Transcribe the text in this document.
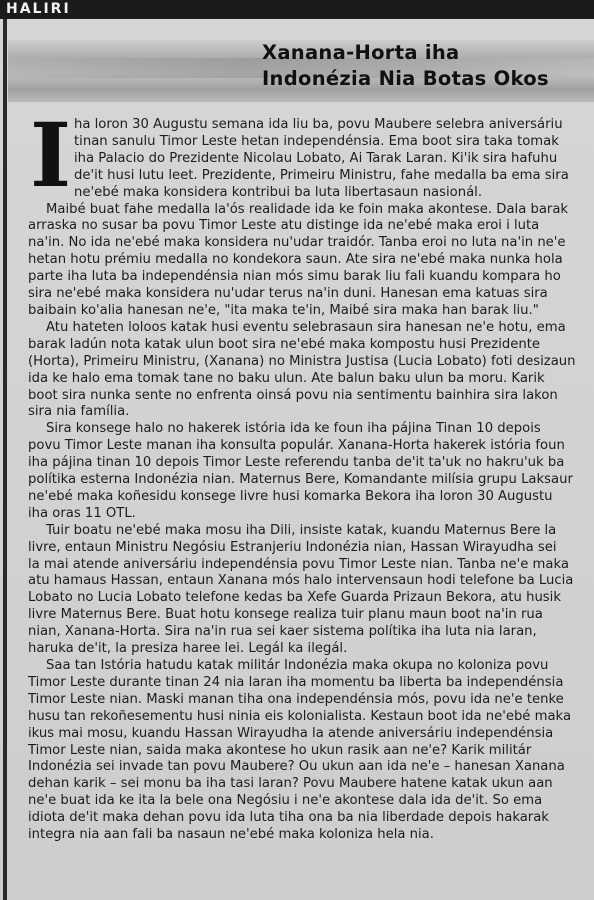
HALIRI
Xanana-Horta iha
Indonézia Nia Botas Okos
I ha loron 30 Augustu semana ida liu ba, povu Maubere selebra aniversáriu
tinan sanulu Timor Leste hetan independénsia. Ema boot sira taka tomak
iha Palacio do Prezidente Nicolau Lobato, Ai Tarak Laran. Ki'ik sira hafuhu
de'it husi lutu leet. Prezidente, Primeiru Ministru, fahe medalla ba ema sira
ne'ebé maka konsidera kontribui ba luta libertasaun nasionál.
Maibé buat fahe medalla la'ós realidade ida ke foin maka akontese. Dala barak
arraska no susar ba povu Timor Leste atu distinge ida ne'ebé maka eroi i luta
na'in. No ida ne'ebé maka konsidera nu'udar traidór. Tanba eroi no luta na'in ne'e
hetan hotu prémiu medalla no kondekora saun. Ate sira ne'ebé maka nunka hola
parte iha luta ba independénsia nian mós simu barak liu fali kuandu kompara ho
sira ne'ebé maka konsidera nu'udar terus na'in duni. Hanesan ema katuas sira
baibain ko'alia hanesan ne'e, "ita maka te'in, Maibé sira maka han barak liu."
Atu hateten loloos katak husi eventu selebrasaun sira hanesan ne'e hotu, ema
barak ladún nota katak ulun boot sira ne'ebé maka kompostu husi Prezidente
(Horta), Primeiru Ministru, (Xanana) no Ministra Justisa (Lucia Lobato) foti desizaun
ida ke halo ema tomak tane no baku ulun. Ate balun baku ulun ba moru. Karik
boot sira nunka sente no enfrenta oinsá povu nia sentimentu bainhira sira lakon
sira nia família.
Sira konsege halo no hakerek istória ida ke foun iha pájina Tinan 10 depois
povu Timor Leste manan iha konsulta populár. Xanana-Horta hakerek istória foun
iha pájina tinan 10 depois Timor Leste referendu tanba de'it ta'uk no hakru'uk ba
polítika esterna Indonézia nian. Maternus Bere, Komandante milísia grupu Laksaur
ne'ebé maka koñesidu konsege livre husi komarka Bekora iha loron 30 Augustu
iha oras 11 OTL.
Tuir boatu ne'ebé maka mosu iha Dili, insiste katak, kuandu Maternus Bere la
livre, entaun Ministru Negósiu Estranjeriu Indonézia nian, Hassan Wirayudha sei
la mai atende aniversáriu independénsia povu Timor Leste nian. Tanba ne'e maka
atu hamaus Hassan, entaun Xanana mós halo intervensaun hodi telefone ba Lucia
Lobato no Lucia Lobato telefone kedas ba Xefe Guarda Prizaun Bekora, atu husik
livre Maternus Bere. Buat hotu konsege realiza tuir planu maun boot na'in rua
nian, Xanana-Horta. Sira na'in rua sei kaer sistema polítika iha luta nia laran,
haruka de'it, la presiza haree lei. Legál ka ilegál.
Saa tan Istória hatudu katak militár Indonézia maka okupa no koloniza povu
Timor Leste durante tinan 24 nia laran iha momentu ba liberta ba independénsia
Timor Leste nian. Maski manan tiha ona independénsia mós, povu ida ne'e tenke
husu tan rekoñesementu husi ninia eis kolonialista. Kestaun boot ida ne'ebé maka
ikus mai mosu, kuandu Hassan Wirayudha la atende aniversáriu independénsia
Timor Leste nian, saida maka akontese ho ukun rasik aan ne'e? Karik militár
Indonézia sei invade tan povu Maubere? Ou ukun aan ida ne'e – hanesan Xanana
dehan karik – sei monu ba iha tasi laran? Povu Maubere hatene katak ukun aan
ne'e buat ida ke ita la bele ona Negósiu i ne'e akontese dala ida de'it. So ema
idiota de'it maka dehan povu ida luta tiha ona ba nia liberdade depois hakarak
integra nia aan fali ba nasaun ne'ebé maka koloniza hela nia.
